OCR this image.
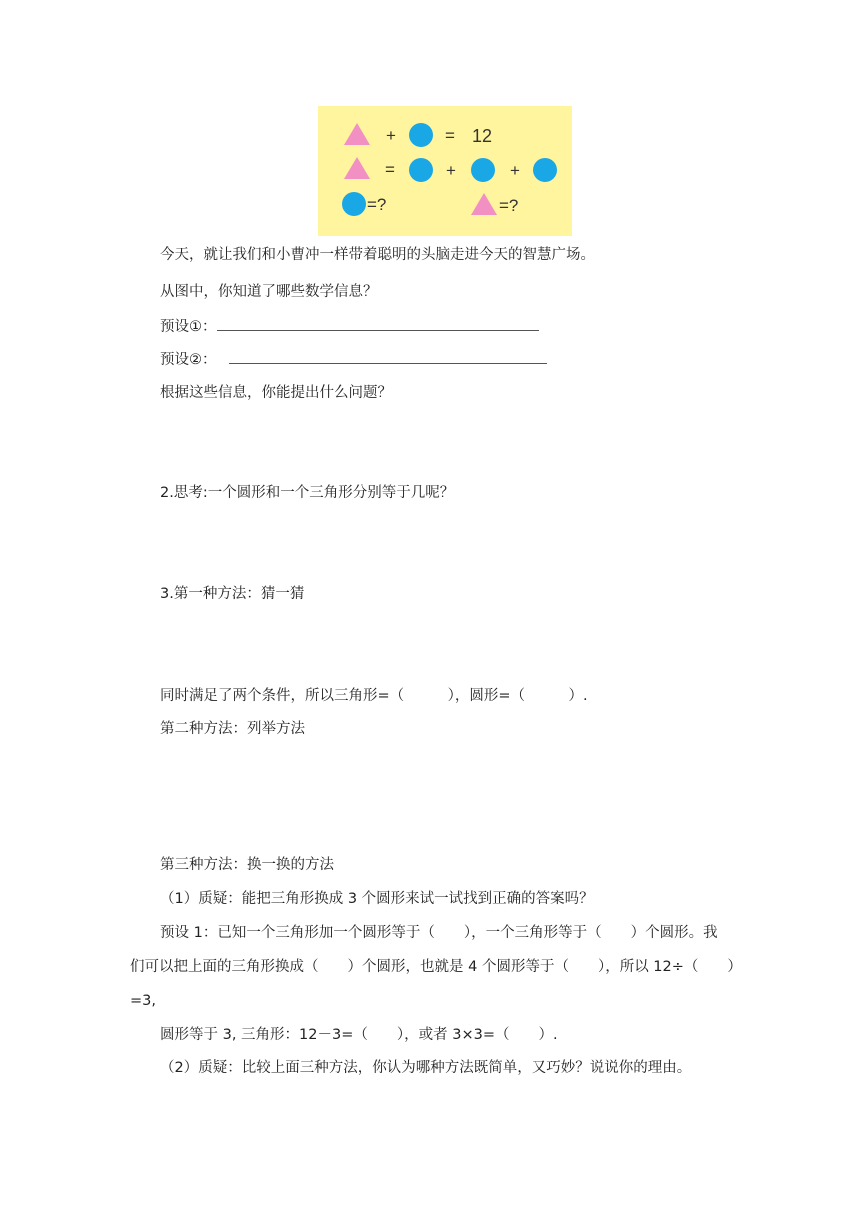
+	= 12
=	+	+
=?	=?
今天，就让我们和小曹冲一样带着聪明的头脑走进今天的智慧广场。
从图中，你知道了哪些数学信息？
预设①：
预设②：
根据这些信息，你能提出什么问题？
2.思考:一个圆形和一个三角形分别等于几呢？
3.第一种方法：猜一猜
同时满足了两个条件，所以三角形=（　　　），圆形=（　　　）.
第二种方法：列举方法
第三种方法：换一换的方法
（1）质疑：能把三角形换成 3 个圆形来试一试找到正确的答案吗？
预设 1：已知一个三角形加一个圆形等于（　　），一个三角形等于（　　）个圆形。我
们可以把上面的三角形换成（　　）个圆形，也就是 4 个圆形等于（　　），所以 12÷（　　）
=3,
圆形等于 3, 三角形：12－3=（　　），或者 3×3=（　　）.
（2）质疑：比较上面三种方法，你认为哪种方法既简单，又巧妙？说说你的理由。
